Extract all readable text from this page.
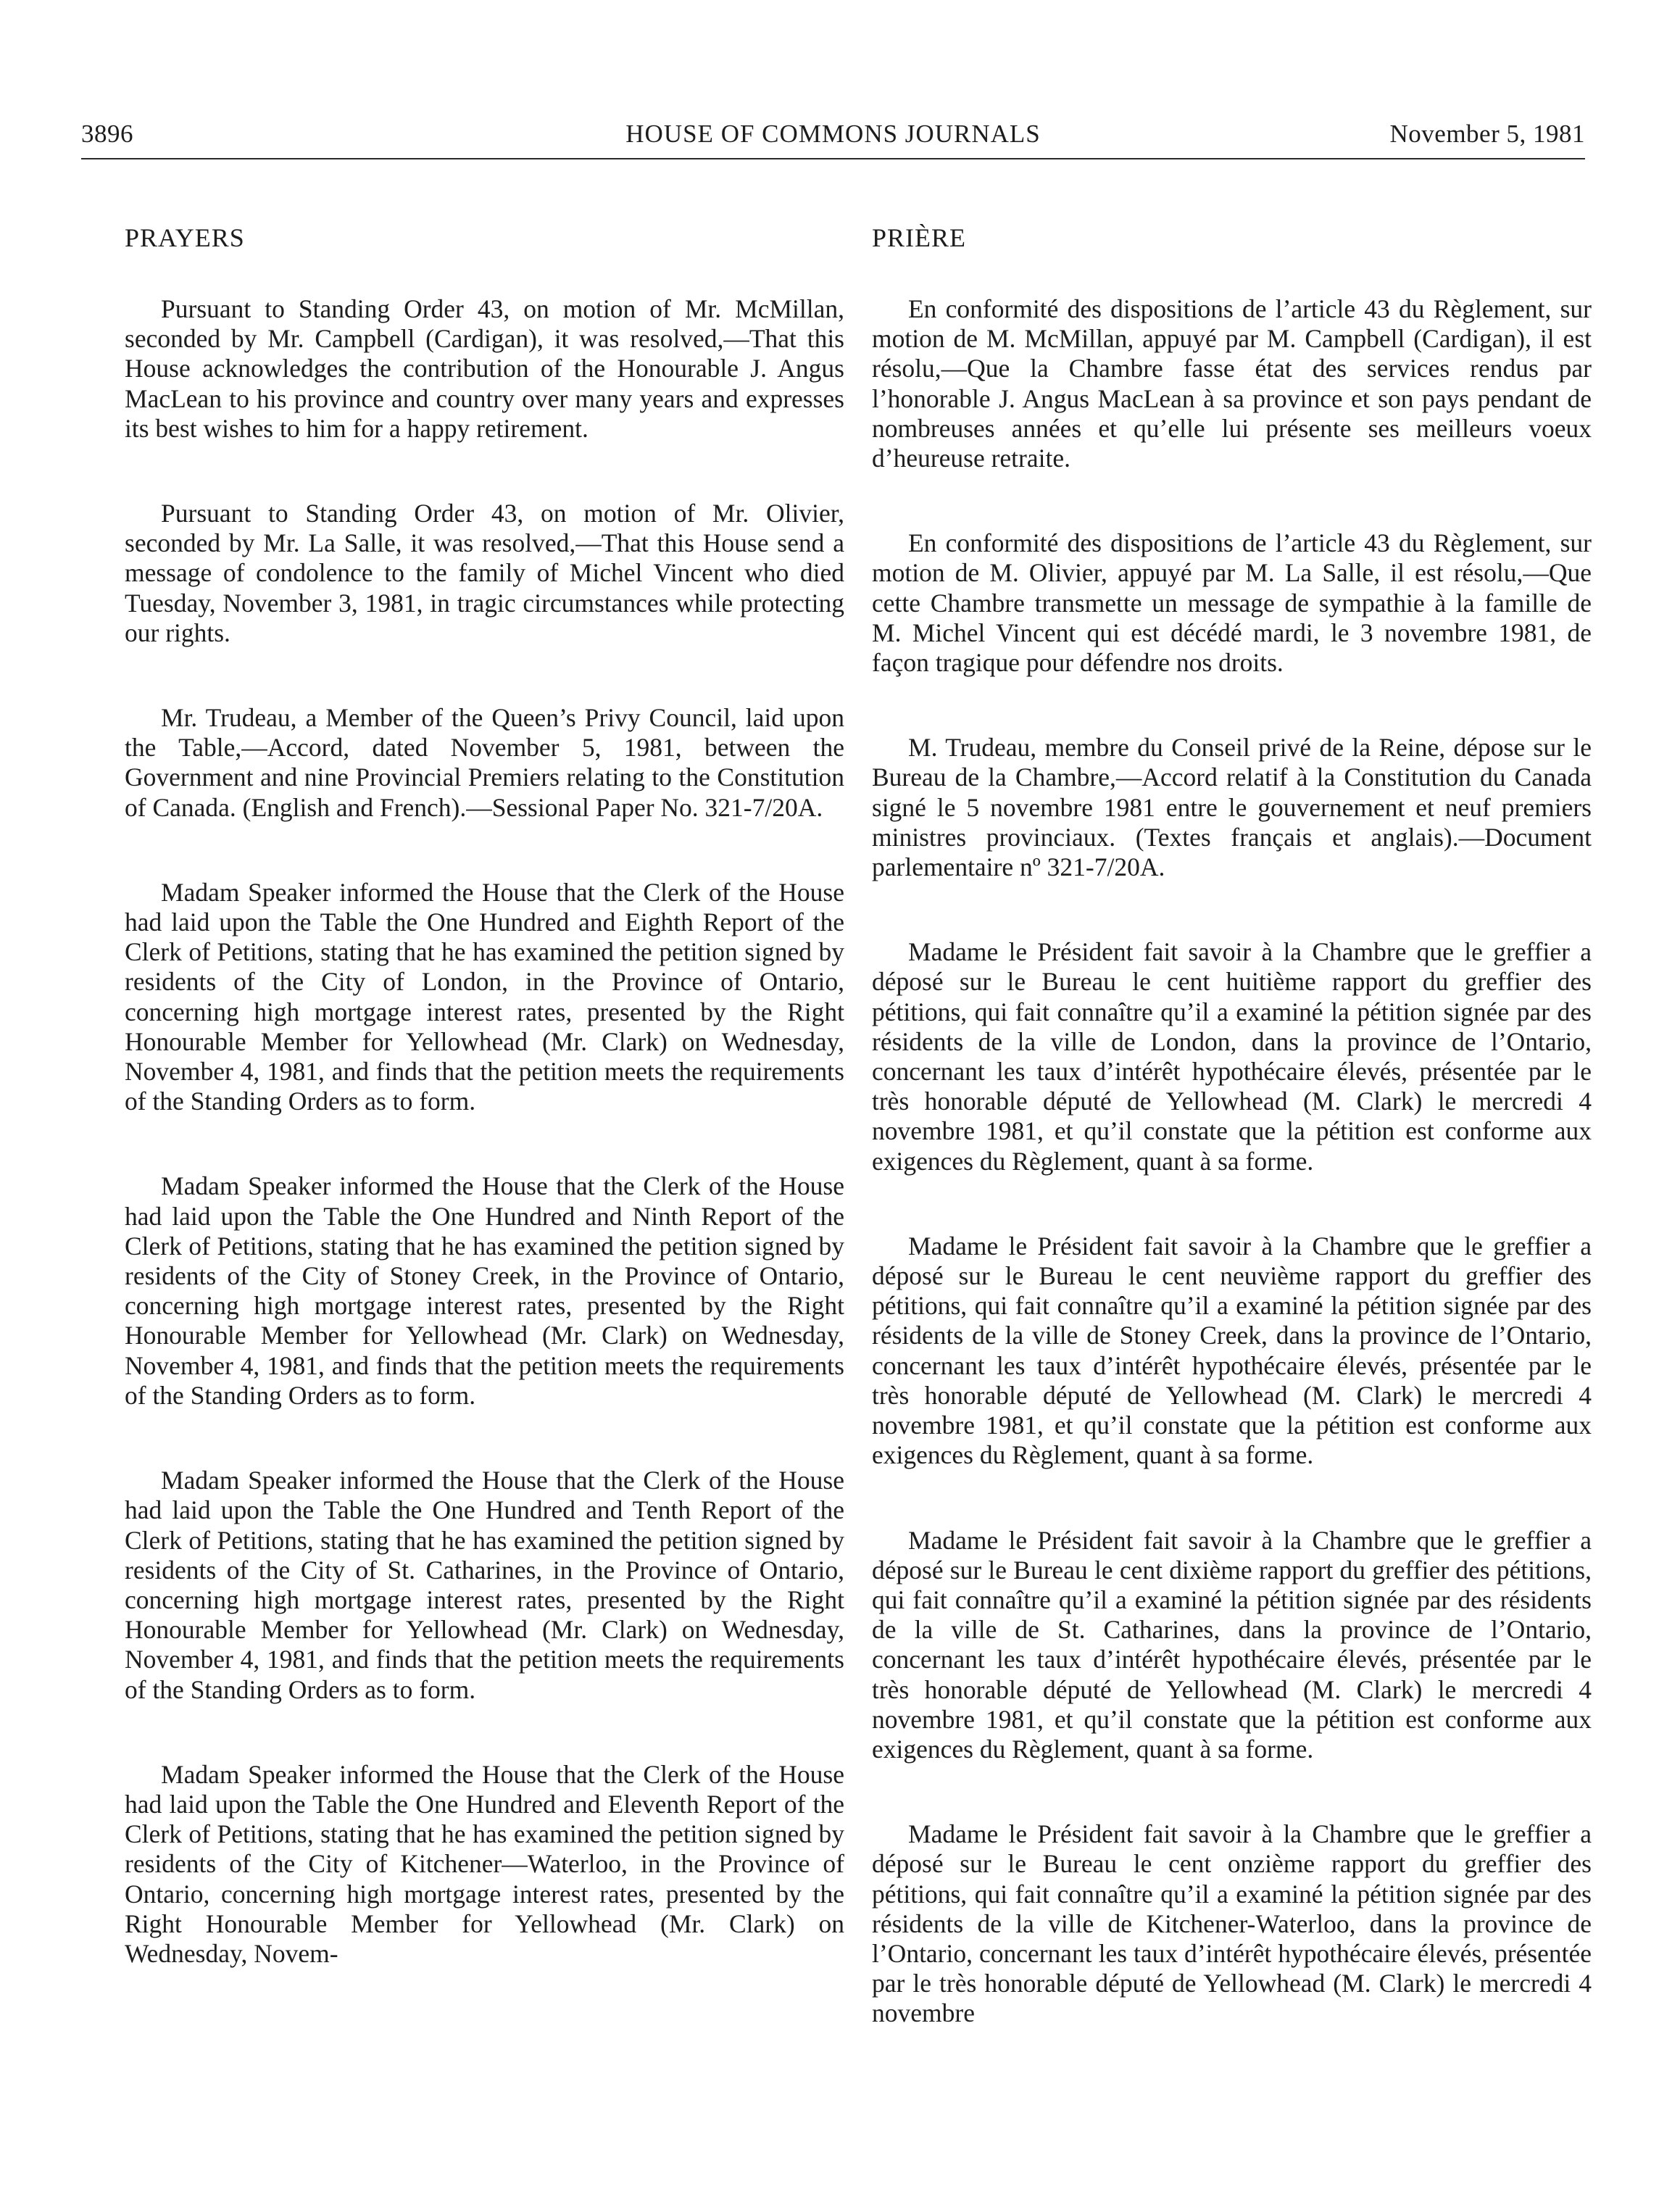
3896	HOUSE OF COMMONS JOURNALS	November 5, 1981
PRAYERS

Pursuant to Standing Order 43, on motion of Mr. McMillan, seconded by Mr. Campbell (Cardigan), it was resolved,—That this House acknowledges the contribution of the Honourable J. Angus MacLean to his province and country over many years and expresses its best wishes to him for a happy retirement.

Pursuant to Standing Order 43, on motion of Mr. Olivier, seconded by Mr. La Salle, it was resolved,—That this House send a message of condolence to the family of Michel Vincent who died Tuesday, November 3, 1981, in tragic circumstances while protecting our rights.

Mr. Trudeau, a Member of the Queen’s Privy Council, laid upon the Table,—Accord, dated November 5, 1981, between the Government and nine Provincial Premiers relating to the Constitution of Canada. (English and French).—Sessional Paper No. 321-7/20A.

Madam Speaker informed the House that the Clerk of the House had laid upon the Table the One Hundred and Eighth Report of the Clerk of Petitions, stating that he has examined the petition signed by residents of the City of London, in the Province of Ontario, concerning high mortgage interest rates, presented by the Right Honourable Member for Yellowhead (Mr. Clark) on Wednesday, November 4, 1981, and finds that the petition meets the requirements of the Standing Orders as to form.

Madam Speaker informed the House that the Clerk of the House had laid upon the Table the One Hundred and Ninth Report of the Clerk of Petitions, stating that he has examined the petition signed by residents of the City of Stoney Creek, in the Province of Ontario, concerning high mortgage interest rates, presented by the Right Honourable Member for Yellowhead (Mr. Clark) on Wednesday, November 4, 1981, and finds that the petition meets the requirements of the Standing Orders as to form.

Madam Speaker informed the House that the Clerk of the House had laid upon the Table the One Hundred and Tenth Report of the Clerk of Petitions, stating that he has examined the petition signed by residents of the City of St. Catharines, in the Province of Ontario, concerning high mortgage interest rates, presented by the Right Honourable Member for Yellowhead (Mr. Clark) on Wednesday, November 4, 1981, and finds that the petition meets the requirements of the Standing Orders as to form.

Madam Speaker informed the House that the Clerk of the House had laid upon the Table the One Hundred and Eleventh Report of the Clerk of Petitions, stating that he has examined the petition signed by residents of the City of Kitchener—Waterloo, in the Province of Ontario, concerning high mortgage interest rates, presented by the Right Honourable Member for Yellowhead (Mr. Clark) on Wednesday, Novem-

PRIÈRE

En conformité des dispositions de l’article 43 du Règlement, sur motion de M. McMillan, appuyé par M. Campbell (Cardigan), il est résolu,—Que la Chambre fasse état des services rendus par l’honorable J. Angus MacLean à sa province et son pays pendant de nombreuses années et qu’elle lui présente ses meilleurs voeux d’heureuse retraite.

En conformité des dispositions de l’article 43 du Règlement, sur motion de M. Olivier, appuyé par M. La Salle, il est résolu,—Que cette Chambre transmette un message de sympathie à la famille de M. Michel Vincent qui est décédé mardi, le 3 novembre 1981, de façon tragique pour défendre nos droits.

M. Trudeau, membre du Conseil privé de la Reine, dépose sur le Bureau de la Chambre,—Accord relatif à la Constitution du Canada signé le 5 novembre 1981 entre le gouvernement et neuf premiers ministres provinciaux. (Textes français et anglais).—Document parlementaire nº 321-7/20A.

Madame le Président fait savoir à la Chambre que le greffier a déposé sur le Bureau le cent huitième rapport du greffier des pétitions, qui fait connaître qu’il a examiné la pétition signée par des résidents de la ville de London, dans la province de l’Ontario, concernant les taux d’intérêt hypothécaire élevés, présentée par le très honorable député de Yellowhead (M. Clark) le mercredi 4 novembre 1981, et qu’il constate que la pétition est conforme aux exigences du Règlement, quant à sa forme.

Madame le Président fait savoir à la Chambre que le greffier a déposé sur le Bureau le cent neuvième rapport du greffier des pétitions, qui fait connaître qu’il a examiné la pétition signée par des résidents de la ville de Stoney Creek, dans la province de l’Ontario, concernant les taux d’intérêt hypothécaire élevés, présentée par le très honorable député de Yellowhead (M. Clark) le mercredi 4 novembre 1981, et qu’il constate que la pétition est conforme aux exigences du Règlement, quant à sa forme.

Madame le Président fait savoir à la Chambre que le greffier a déposé sur le Bureau le cent dixième rapport du greffier des pétitions, qui fait connaître qu’il a examiné la pétition signée par des résidents de la ville de St. Catharines, dans la province de l’Ontario, concernant les taux d’intérêt hypothécaire élevés, présentée par le très honorable député de Yellowhead (M. Clark) le mercredi 4 novembre 1981, et qu’il constate que la pétition est conforme aux exigences du Règlement, quant à sa forme.

Madame le Président fait savoir à la Chambre que le greffier a déposé sur le Bureau le cent onzième rapport du greffier des pétitions, qui fait connaître qu’il a examiné la pétition signée par des résidents de la ville de Kitchener-Waterloo, dans la province de l’Ontario, concernant les taux d’intérêt hypothécaire élevés, présentée par le très honorable député de Yellowhead (M. Clark) le mercredi 4 novembre
